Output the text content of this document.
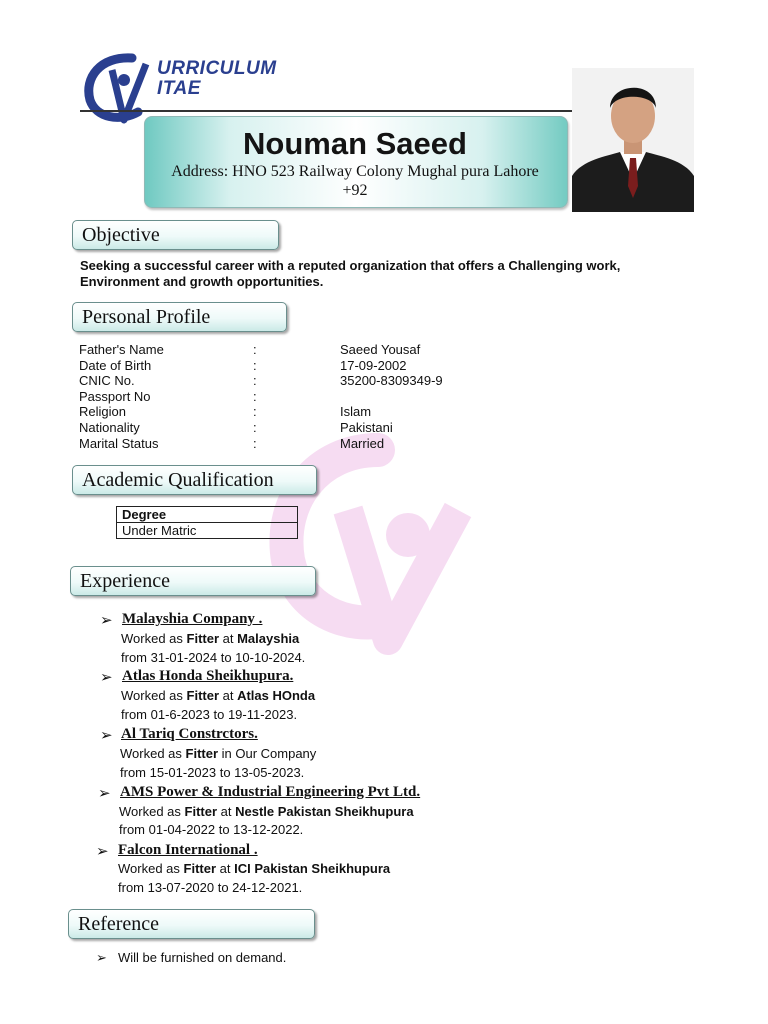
URRICULUM
ITAE
Nouman Saeed
Address: HNO 523 Railway Colony Mughal pura Lahore
+92
Objective
Seeking a successful career with a reputed organization that offers a Challenging work,
Environment and growth opportunities.
Personal Profile
Father's Name	:	Saeed Yousaf
Date of Birth	:	17-09-2002
CNIC No.	:	35200-8309349-9
Passport No	:
Religion	:	Islam
Nationality	:	Pakistani
Marital Status	:	Married
Academic Qualification
Degree
Under Matric
Experience
➢ Malayshia Company .
Worked as Fitter at Malayshia
from 31-01-2024 to 10-10-2024.
➢ Atlas Honda Sheikhupura.
Worked as Fitter at Atlas HOnda
from 01-6-2023 to 19-11-2023.
➢ Al Tariq Constrctors.
Worked as Fitter in Our Company
from 15-01-2023 to 13-05-2023.
➢ AMS Power & Industrial Engineering Pvt Ltd.
Worked as Fitter at Nestle Pakistan Sheikhupura
from 01-04-2022 to 13-12-2022.
➢ Falcon International .
Worked as Fitter at ICI Pakistan Sheikhupura
from 13-07-2020 to 24-12-2021.
Reference
➢ Will be furnished on demand.
